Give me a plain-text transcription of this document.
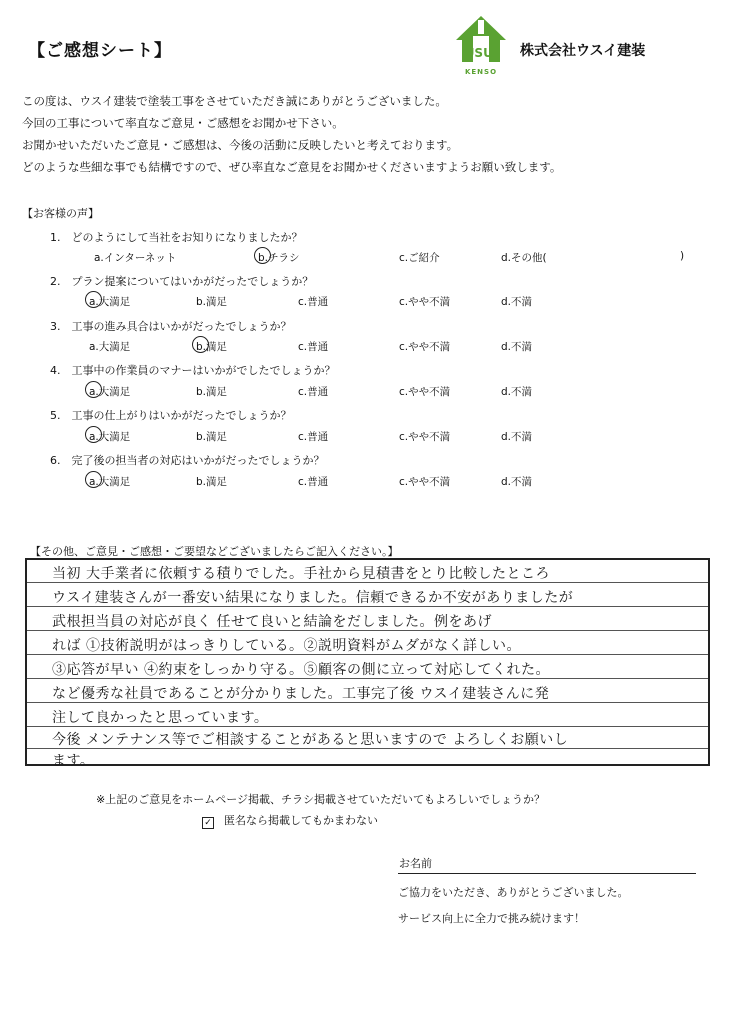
【ご感想シート】	USUI
KENSO
株式会社ウスイ建装
この度は、ウスイ建装で塗装工事をさせていただき誠にありがとうございました。
今回の工事について率直なご意見・ご感想をお聞かせ下さい。
お聞かせいただいたご意見・ご感想は、今後の活動に反映したいと考えております。
どのような些細な事でも結構ですので、ぜひ率直なご意見をお聞かせくださいますようお願い致します。
【お客様の声】
1.　どのようにして当社をお知りになりましたか？
a.インターネット	b.チラシ	c.ご紹介	d.その他(	)
2.　プラン提案についてはいかがだったでしょうか？
a.大満足	b.満足	c.普通	c.やや不満	d.不満
3.　工事の進み具合はいかがだったでしょうか？
a.大満足	b.満足	c.普通	c.やや不満	d.不満
4.　工事中の作業員のマナーはいかがでしたでしょうか？
a.大満足	b.満足	c.普通	c.やや不満	d.不満
5.　工事の仕上がりはいかがだったでしょうか？
a.大満足	b.満足	c.普通	c.やや不満	d.不満
6.　完了後の担当者の対応はいかがだったでしょうか？
a.大満足	b.満足	c.普通	c.やや不満	d.不満
【その他、ご意見・ご感想・ご要望などございましたらご記入ください。】
当初 大手業者に依頼する積りでした。手社から見積書をとり比較したところ
ウスイ建装さんが一番安い結果になりました。信頼できるか不安がありましたが
武根担当員の対応が良く 任せて良いと結論をだしました。例をあげ
れば ①技術説明がはっきりしている。②説明資料がムダがなく詳しい。
③応答が早い ④約束をしっかり守る。⑤顧客の側に立って対応してくれた。
など優秀な社員であることが分かりました。工事完了後 ウスイ建装さんに発
注して良かったと思っています。
今後 メンテナンス等でご相談することがあると思いますので よろしくお願いし
ます。
※上記のご意見をホームページ掲載、チラシ掲載させていただいてもよろしいでしょうか？
✓ 匿名なら掲載してもかまわない
お名前
ご協力をいただき、ありがとうございました。
サービス向上に全力で挑み続けます！
